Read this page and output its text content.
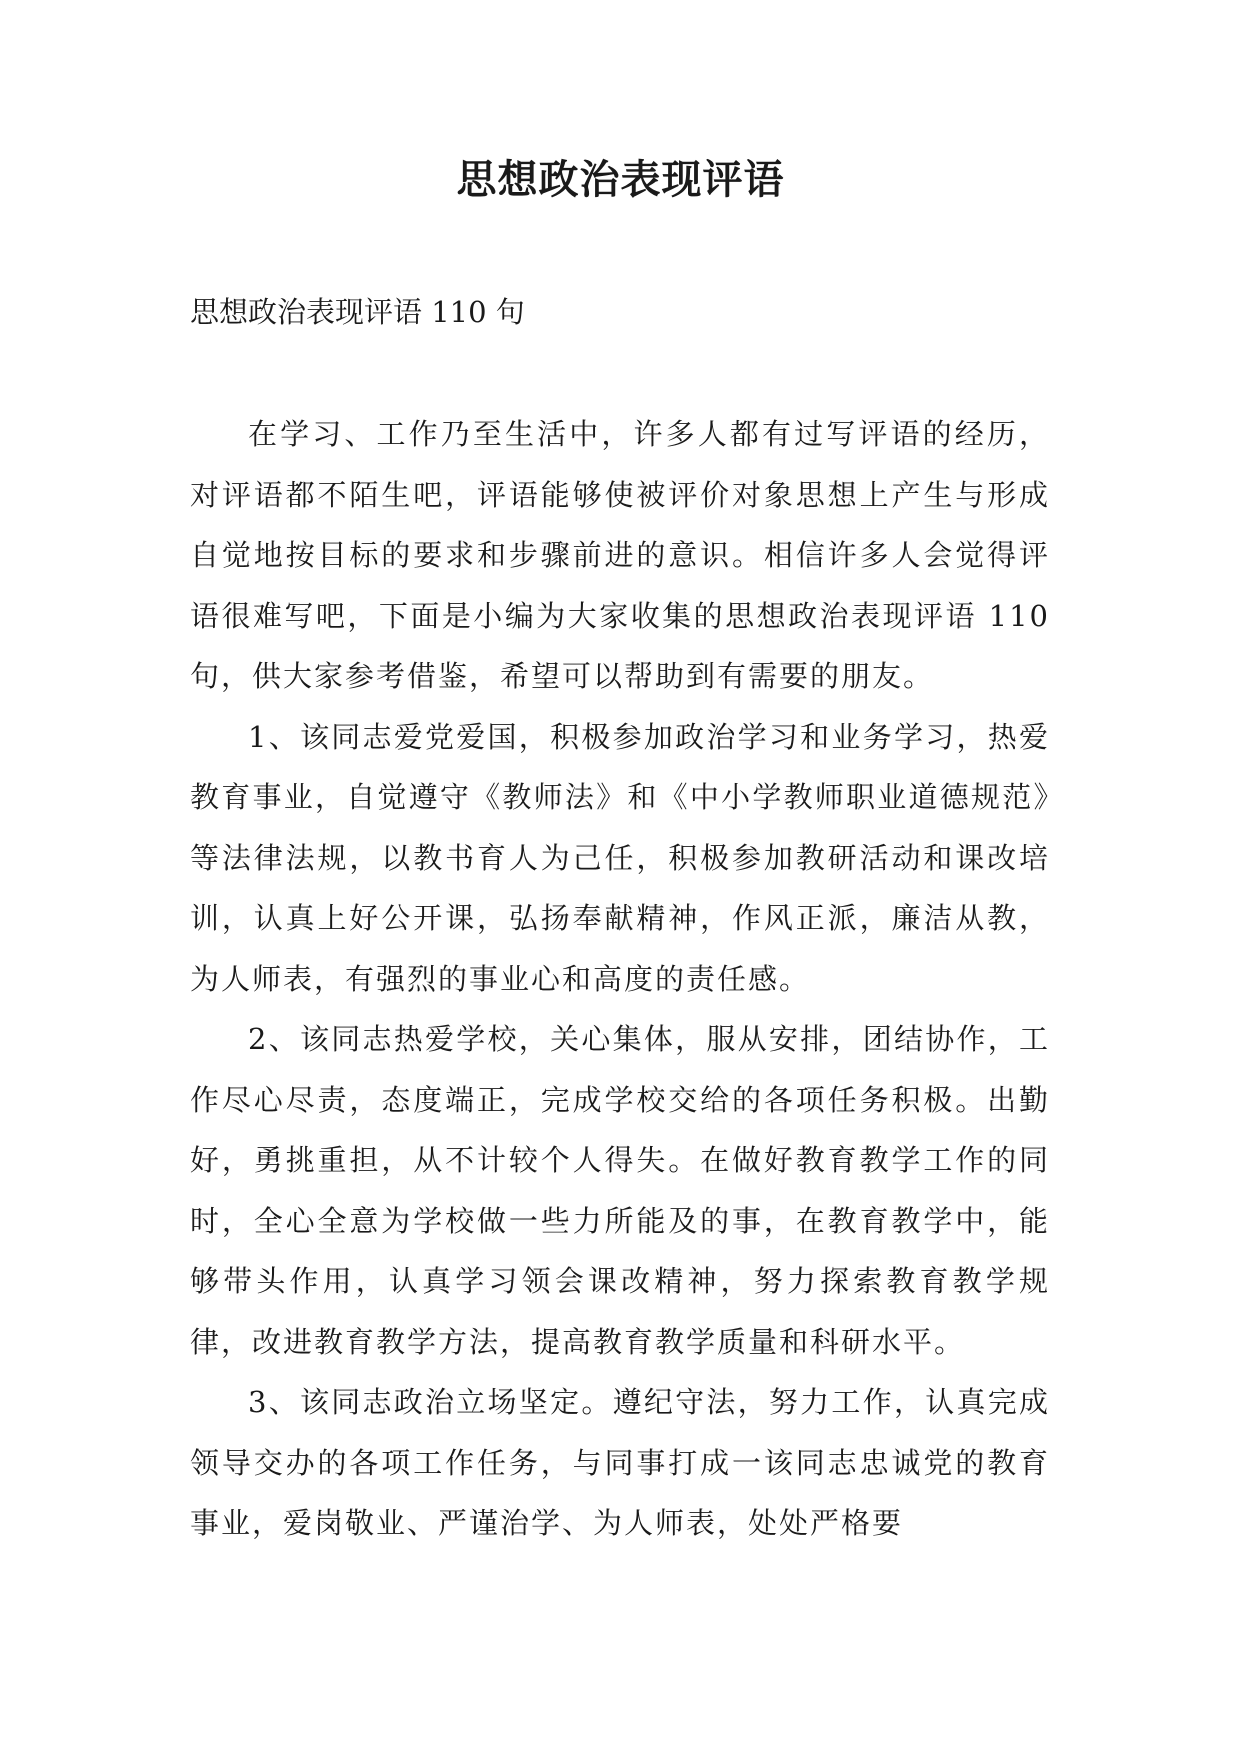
思想政治表现评语

思想政治表现评语 110 句

在学习、工作乃至生活中，许多人都有过写评语的经历，对评语都不陌生吧，评语能够使被评价对象思想上产生与形成自觉地按目标的要求和步骤前进的意识。相信许多人会觉得评语很难写吧，下面是小编为大家收集的思想政治表现评语 110 句，供大家参考借鉴，希望可以帮助到有需要的朋友。

1、该同志爱党爱国，积极参加政治学习和业务学习，热爱教育事业，自觉遵守《教师法》和《中小学教师职业道德规范》等法律法规，以教书育人为己任，积极参加教研活动和课改培训，认真上好公开课，弘扬奉献精神，作风正派，廉洁从教，为人师表，有强烈的事业心和高度的责任感。

2、该同志热爱学校，关心集体，服从安排，团结协作，工作尽心尽责，态度端正，完成学校交给的各项任务积极。出勤好，勇挑重担，从不计较个人得失。在做好教育教学工作的同时，全心全意为学校做一些力所能及的事，在教育教学中，能够带头作用，认真学习领会课改精神，努力探索教育教学规律，改进教育教学方法，提高教育教学质量和科研水平。

3、该同志政治立场坚定。遵纪守法，努力工作，认真完成领导交办的各项工作任务，与同事打成一该同志忠诚党的教育事业，爱岗敬业、严谨治学、为人师表，处处严格要
